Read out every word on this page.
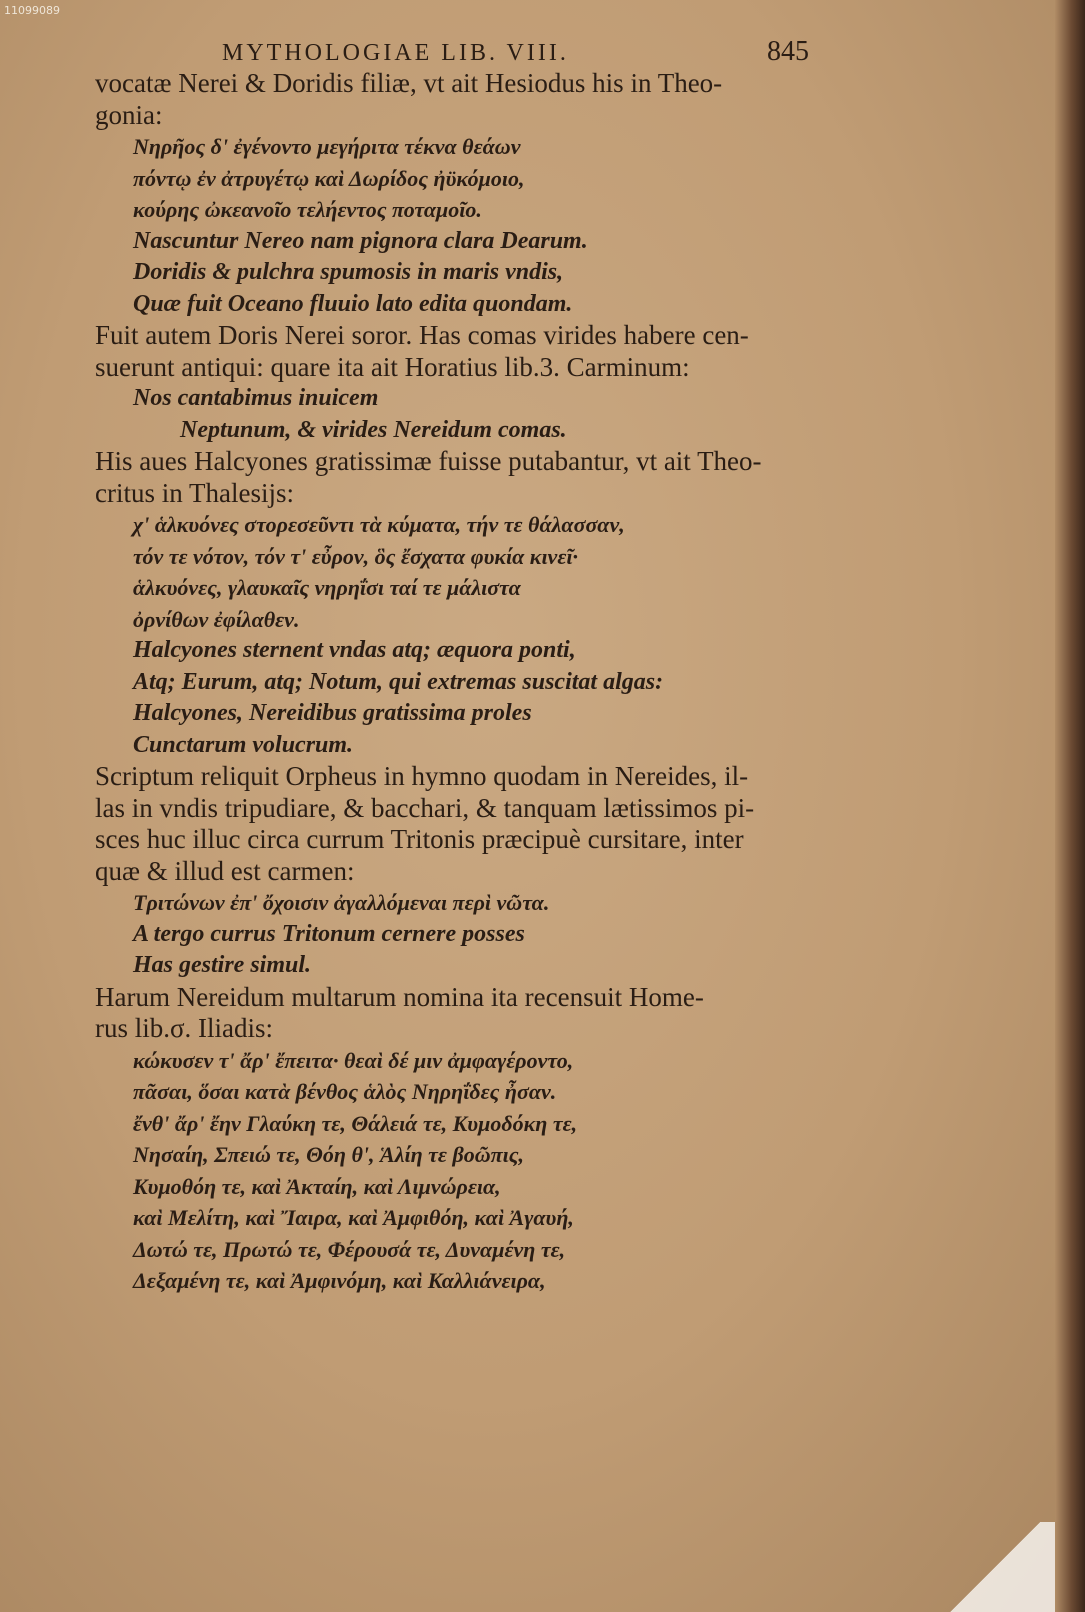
11099089
MYTHOLOGIAE LIB. VIII.	845
vocatæ Nerei & Doridis filiæ, vt ait Hesiodus his in Theo-
gonia:
Νηρῆος δ' ἐγένοντο μεγήριτα τέκνα θεάων
πόντῳ ἐν ἀτρυγέτῳ καὶ Δωρίδος ἠϋκόμοιο,
κούρης ὠκεανοῖο τελήεντος ποταμοῖο.
Nascuntur Nereo nam pignora clara Dearum.
Doridis & pulchra spumosis in maris vndis,
Quæ fuit Oceano fluuio lato edita quondam.
Fuit autem Doris Nerei soror. Has comas virides habere cen-
suerunt antiqui: quare ita ait Horatius lib.3. Carminum:
Nos cantabimus inuicem
Neptunum, & virides Nereidum comas.
His aues Halcyones gratissimæ fuisse putabantur, vt ait Theo-
critus in Thalesijs:
χ' ἁλκυόνες στορεσεῦντι τὰ κύματα, τήν τε θάλασσαν,
τόν τε νότον, τόν τ' εὖρον, ὃς ἔσχατα φυκία κινεῖ·
ἁλκυόνες, γλαυκαῖς νηρηΐσι ταί τε μάλιστα
ὀρνίθων ἐφίλαθεν.
Halcyones sternent vndas atq; æquora ponti,
Atq; Eurum, atq; Notum, qui extremas suscitat algas:
Halcyones, Nereidibus gratissima proles
Cunctarum volucrum.
Scriptum reliquit Orpheus in hymno quodam in Nereides, il-
las in vndis tripudiare, & bacchari, & tanquam lætissimos pi-
sces huc illuc circa currum Tritonis præcipuè cursitare, inter
quæ & illud est carmen:
Τριτώνων ἐπ' ὄχοισιν ἀγαλλόμεναι περὶ νῶτα.
A tergo currus Tritonum cernere posses
Has gestire simul.
Harum Nereidum multarum nomina ita recensuit Home-
rus lib.σ. Iliadis:
κώκυσεν τ' ἄρ' ἔπειτα· θεαὶ δέ μιν ἀμφαγέροντο,
πᾶσαι, ὅσαι κατὰ βένθος ἁλὸς Νηρηΐδες ἦσαν.
ἔνθ' ἄρ' ἔην Γλαύκη τε, Θάλειά τε, Κυμοδόκη τε,
Νησαίη, Σπειώ τε, Θόη θ', Ἁλίη τε βοῶπις,
Κυμοθόη τε, καὶ Ἀκταίη, καὶ Λιμνώρεια,
καὶ Μελίτη, καὶ Ἴαιρα, καὶ Ἀμφιθόη, καὶ Ἀγαυή,
Δωτώ τε, Πρωτώ τε, Φέρουσά τε, Δυναμένη τε,
Δεξαμένη τε, καὶ Ἀμφινόμη, καὶ Καλλιάνειρα,
